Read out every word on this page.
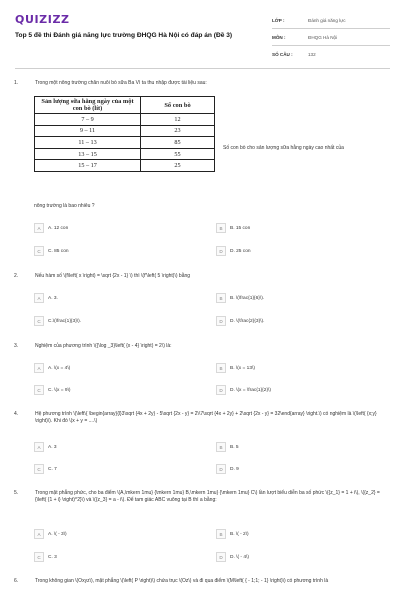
QUIZIZZ
Top 5 đề thi Đánh giá năng lực trường ĐHQG Hà Nội có đáp án (Đề 3)
LỚP :	Đánh giá năng lực
MÔN :	ĐHQG Hà Nội
SỐ CÂU :	132
1.	Trong một nông trường chăn nuôi bò sữa Ba Vì ta thu nhập được tài liệu sau:
Sản lượng sữa hằng ngày của một con bò (lít)	Số con bò
7 – 9	12
9 – 11	23
11 – 13	85
13 – 15	55
15 – 17	25
Số con bò cho sản lượng sữa hằng ngày cao nhất của
nông trường là bao nhiêu ?
A	A. 12 con	B	B. 15 con
C	C. 85 con	D	D. 25 con
2.	Nếu hàm số \(f\left( x \right) = \sqrt {2x - 1} \) thì \(f'\left( 5 \right)\) bằng
A	A. 3.	B	B. \(\frac{1}{6}\).
C	C.\(\frac{1}{3}\).	D	D. \(\frac{2}{3}\).
3.	Nghiệm của phương trình \({\log _3}\left( {x - 4} \right) = 2\) là:
A	A. \(x = 4\)	B	B. \(x = 13\)
C	C. \(x = 9\)	D	D. \(x = \frac{1}{2}\)
4.	Hệ phương trình \(\left\{ \begin{array}{l}3\sqrt {4x + 2y} - 5\sqrt {2x - y} = 2\\7\sqrt {4x + 2y} + 2\sqrt {2x - y} = 32\end{array} \right.\) có nghiệm là \(\left( {x;y} \right)\). Khi đó \(x + y = ....\)
A	A. 3	B	B. 5
C	C. 7	D	D. 9
5.	Trong mặt phẳng phức, cho ba điểm \(A,\mkern 1mu} {\mkern 1mu} B,\mkern 1mu} {\mkern 1mu} C\) lần lượt biểu diễn ba số phức \({z_1} = 1 + i\), \({z_2} = {\left( {1 + i} \right)^2}\) và \({z_3} = a - i\). Để tam giác ABC vuông tại B thì a bằng:
A	A. \( - 3\)	B	B. \( - 2\)
C	C. 3	D	D. \( - 4\)
6.	Trong không gian \(Oxyz\), mặt phẳng \(\left( P \right)\) chứa trục \(Oz\) và đi qua điểm \(M\left( { - 1;1; - 1} \right)\) có phương trình là
